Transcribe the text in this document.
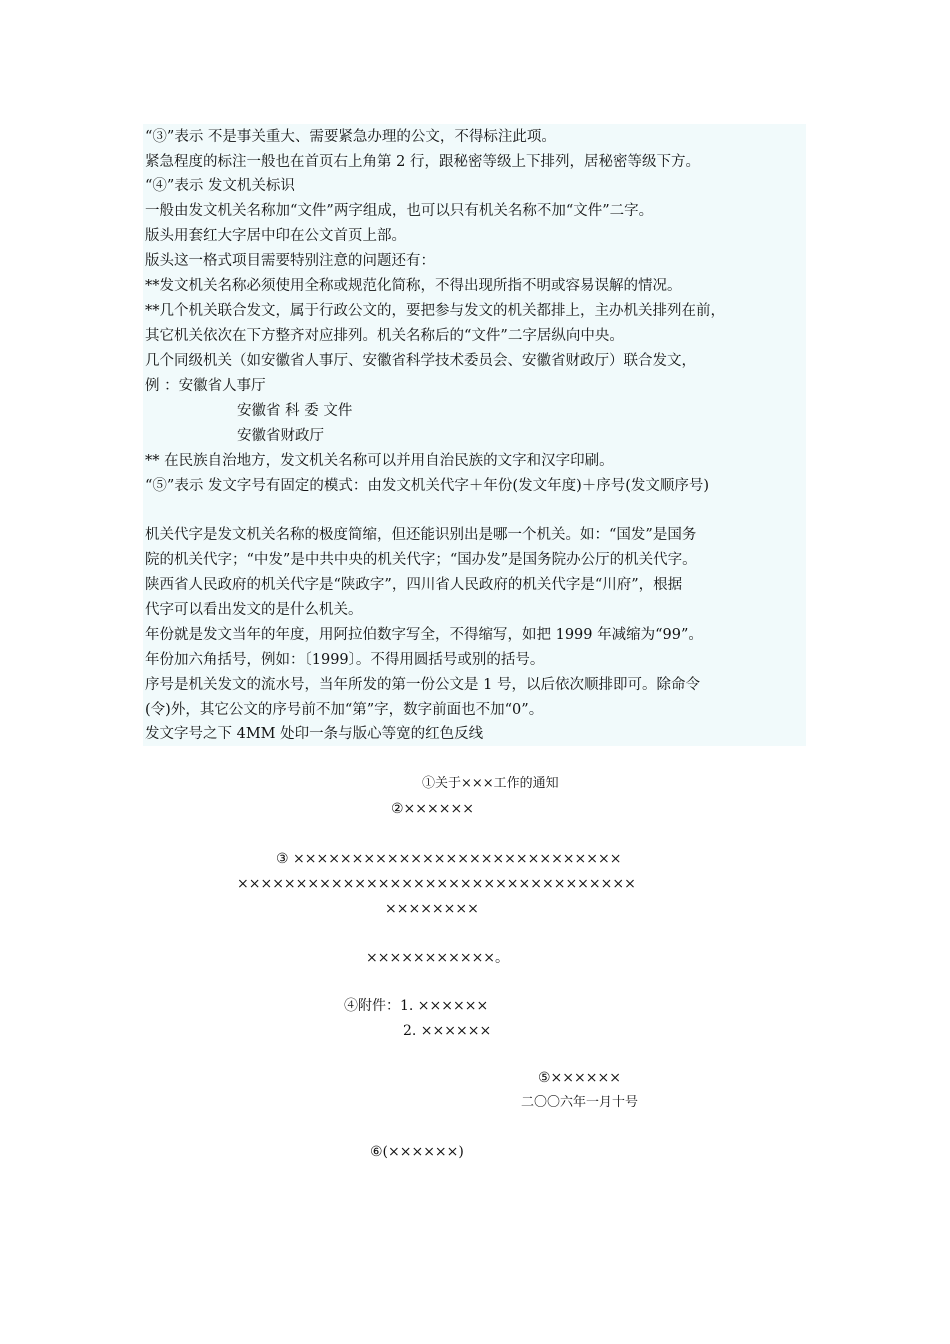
“③”表示 不是事关重大、需要紧急办理的公文，不得标注此项。
紧急程度的标注一般也在首页右上角第 2 行，跟秘密等级上下排列，居秘密等级下方。
“④”表示 发文机关标识
一般由发文机关名称加“文件”两字组成，也可以只有机关名称不加“文件”二字。
版头用套红大字居中印在公文首页上部。
版头这一格式项目需要特别注意的问题还有：
**发文机关名称必须使用全称或规范化简称，不得出现所指不明或容易误解的情况。
**几个机关联合发文，属于行政公文的，要把参与发文的机关都排上，主办机关排列在前，
其它机关依次在下方整齐对应排列。机关名称后的“文件”二字居纵向中央。
几个同级机关（如安徽省人事厅、安徽省科学技术委员会、安徽省财政厅）联合发文，
例 ：安徽省人事厅
安徽省 科 委 文件
安徽省财政厅
** 在民族自治地方，发文机关名称可以并用自治民族的文字和汉字印刷。
“⑤”表示 发文字号有固定的模式：由发文机关代字＋年份(发文年度)＋序号(发文顺序号)
机关代字是发文机关名称的极度简缩，但还能识别出是哪一个机关。如：“国发”是国务
院的机关代字；“中发”是中共中央的机关代字；“国办发”是国务院办公厅的机关代字。
陕西省人民政府的机关代字是“陕政字”，四川省人民政府的机关代字是“川府”，根据
代字可以看出发文的是什么机关。
年份就是发文当年的年度，用阿拉伯数字写全，不得缩写，如把 1999 年减缩为“99”。
年份加六角括号，例如：〔1999〕。不得用圆括号或别的括号。
序号是机关发文的流水号，当年所发的第一份公文是 1 号，以后依次顺排即可。除命令
(令)外，其它公文的序号前不加“第”字，数字前面也不加“0”。
发文字号之下 4MM 处印一条与版心等宽的红色反线
①关于×××工作的通知
②××××××
③ ××××××××××××××××××××××××××××
××××××××××××××××××××××××××××××××××
××××××××
×××××××××××。
④附件：1. ××××××
2. ××××××
⑤××××××
二〇〇六年一月十号
⑥(××××××)
